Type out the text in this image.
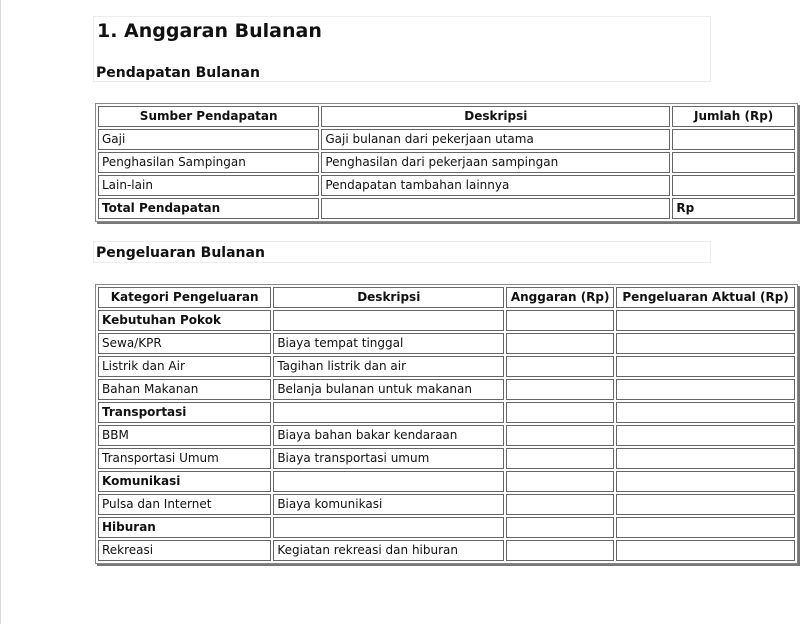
1. Anggaran Bulanan
Pendapatan Bulanan
Sumber Pendapatan	Deskripsi	Jumlah (Rp)
Gaji	Gaji bulanan dari pekerjaan utama	
Penghasilan Sampingan	Penghasilan dari pekerjaan sampingan	
Lain-lain	Pendapatan tambahan lainnya	
Total Pendapatan		Rp
Pengeluaran Bulanan
Kategori Pengeluaran	Deskripsi	Anggaran (Rp)	Pengeluaran Aktual (Rp)
Kebutuhan Pokok			
Sewa/KPR	Biaya tempat tinggal		
Listrik dan Air	Tagihan listrik dan air		
Bahan Makanan	Belanja bulanan untuk makanan		
Transportasi			
BBM	Biaya bahan bakar kendaraan		
Transportasi Umum	Biaya transportasi umum		
Komunikasi			
Pulsa dan Internet	Biaya komunikasi		
Hiburan			
Rekreasi	Kegiatan rekreasi dan hiburan		
